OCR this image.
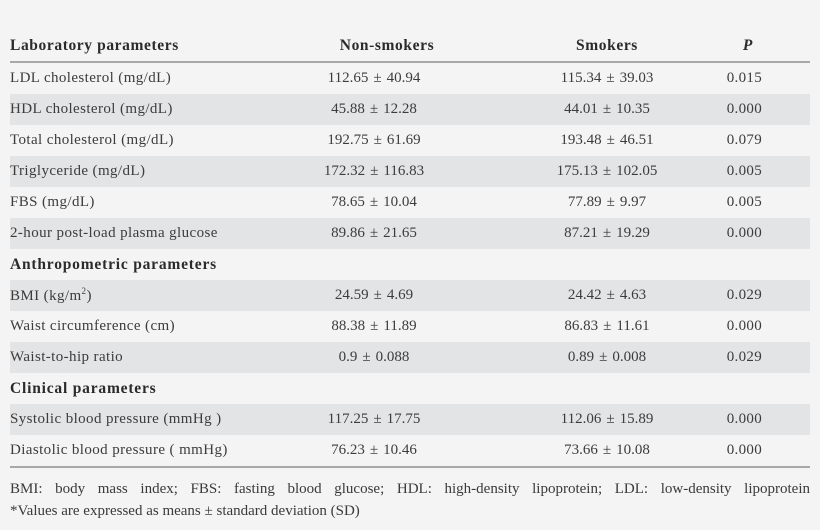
Laboratory parameters	Non-smokers	Smokers	P
LDL cholesterol (mg/dL)	112.65 ± 40.94	115.34 ± 39.03	0.015
HDL cholesterol (mg/dL)	45.88 ± 12.28	44.01 ± 10.35	0.000
Total cholesterol (mg/dL)	192.75 ± 61.69	193.48 ± 46.51	0.079
Triglyceride (mg/dL)	172.32 ± 116.83	175.13 ± 102.05	0.005
FBS (mg/dL)	78.65 ± 10.04	77.89 ± 9.97	0.005
2-hour post-load plasma glucose	89.86 ± 21.65	87.21 ± 19.29	0.000
Anthropometric parameters			
BMI $(kg/m^2)$	24.59 ± 4.69	24.42 ± 4.63	0.029
Waist circumference (cm)	88.38 ± 11.89	86.83 ± 11.61	0.000
Waist-to-hip ratio	0.9 ± 0.088	0.89 ± 0.008	0.029
Clinical parameters			
Systolic blood pressure (mmHg )	117.25 ± 17.75	112.06 ± 15.89	0.000
Diastolic blood pressure ( mmHg)	76.23 ± 10.46	73.66 ± 10.08	0.000
BMI: body mass index; FBS: fasting blood glucose; HDL: high-density lipoprotein; LDL: low-density lipoprotein
*Values are expressed as means ± standard deviation (SD)
